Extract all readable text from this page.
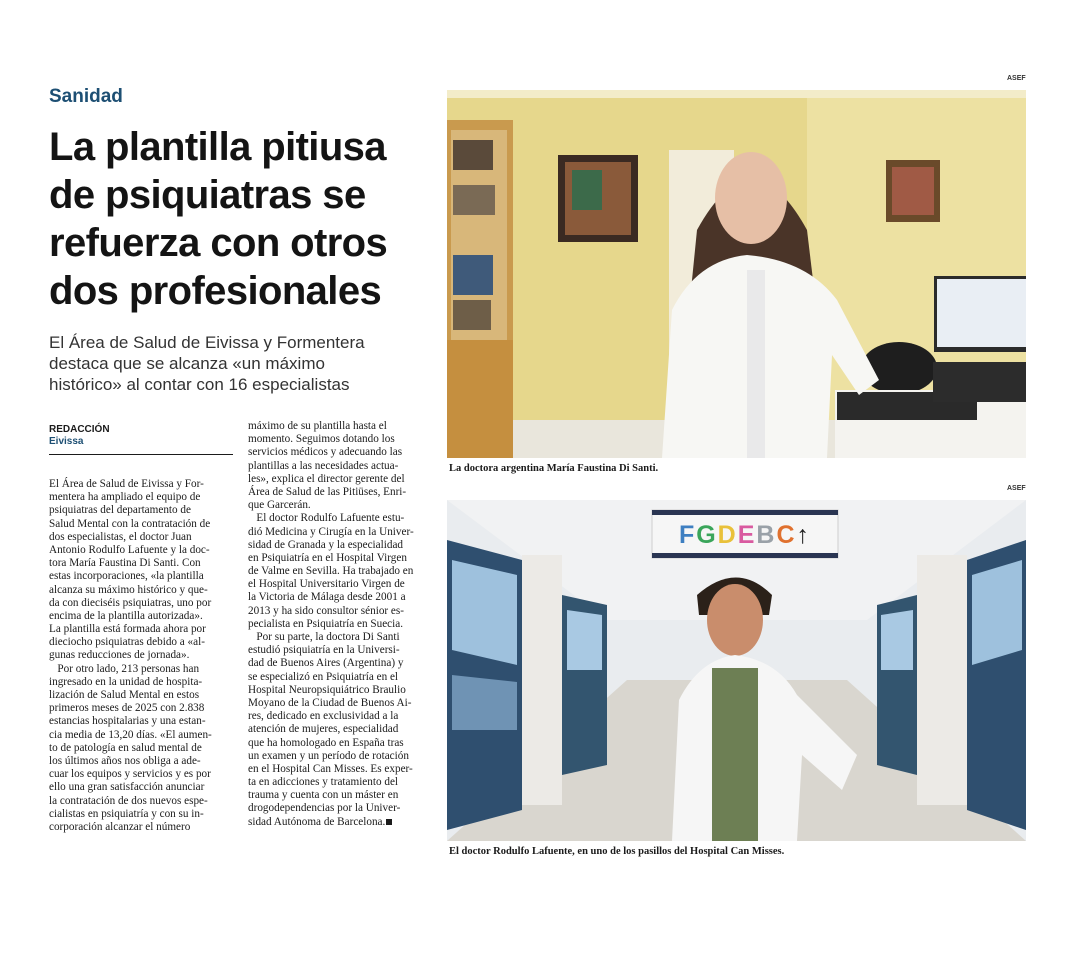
Sanidad
La plantilla pitiusa
de psiquiatras se
refuerza con otros
dos profesionales
El Área de Salud de Eivissa y Formentera
destaca que se alcanza «un máximo
histórico» al contar con 16 especialistas
REDACCIÓN
Eivissa
El Área de Salud de Eivissa y For-
mentera ha ampliado el equipo de
psiquiatras del departamento de
Salud Mental con la contratación de
dos especialistas, el doctor Juan
Antonio Rodulfo Lafuente y la doc-
tora María Faustina Di Santi. Con
estas incorporaciones, «la plantilla
alcanza su máximo histórico y que-
da con dieciséis psiquiatras, uno por
encima de la plantilla autorizada».
La plantilla está formada ahora por
dieciocho psiquiatras debido a «al-
gunas reducciones de jornada».
Por otro lado, 213 personas han
ingresado en la unidad de hospita-
lización de Salud Mental en estos
primeros meses de 2025 con 2.838
estancias hospitalarias y una estan-
cia media de 13,20 días. «El aumen-
to de patología en salud mental de
los últimos años nos obliga a ade-
cuar los equipos y servicios y es por
ello una gran satisfacción anunciar
la contratación de dos nuevos espe-
cialistas en psiquiatría y con su in-
corporación alcanzar el número
máximo de su plantilla hasta el
momento. Seguimos dotando los
servicios médicos y adecuando las
plantillas a las necesidades actua-
les», explica el director gerente del
Área de Salud de las Pitiüses, Enri-
que Garcerán.
El doctor Rodulfo Lafuente estu-
dió Medicina y Cirugía en la Univer-
sidad de Granada y la especialidad
en Psiquiatría en el Hospital Virgen
de Valme en Sevilla. Ha trabajado en
el Hospital Universitario Virgen de
la Victoria de Málaga desde 2001 a
2013 y ha sido consultor sénior es-
pecialista en Psiquiatría en Suecia.
Por su parte, la doctora Di Santi
estudió psiquiatría en la Universi-
dad de Buenos Aires (Argentina) y
se especializó en Psiquiatría en el
Hospital Neuropsiquiátrico Braulio
Moyano de la Ciudad de Buenos Ai-
res, dedicado en exclusividad a la
atención de mujeres, especialidad
que ha homologado en España tras
un examen y un período de rotación
en el Hospital Can Misses. Es exper-
ta en adicciones y tratamiento del
trauma y cuenta con un máster en
drogodependencias por la Univer-
sidad Autónoma de Barcelona.
ASEF
La doctora argentina María Faustina Di Santi.
ASEF
FGDEBC↑
El doctor Rodulfo Lafuente, en uno de los pasillos del Hospital Can Misses.
